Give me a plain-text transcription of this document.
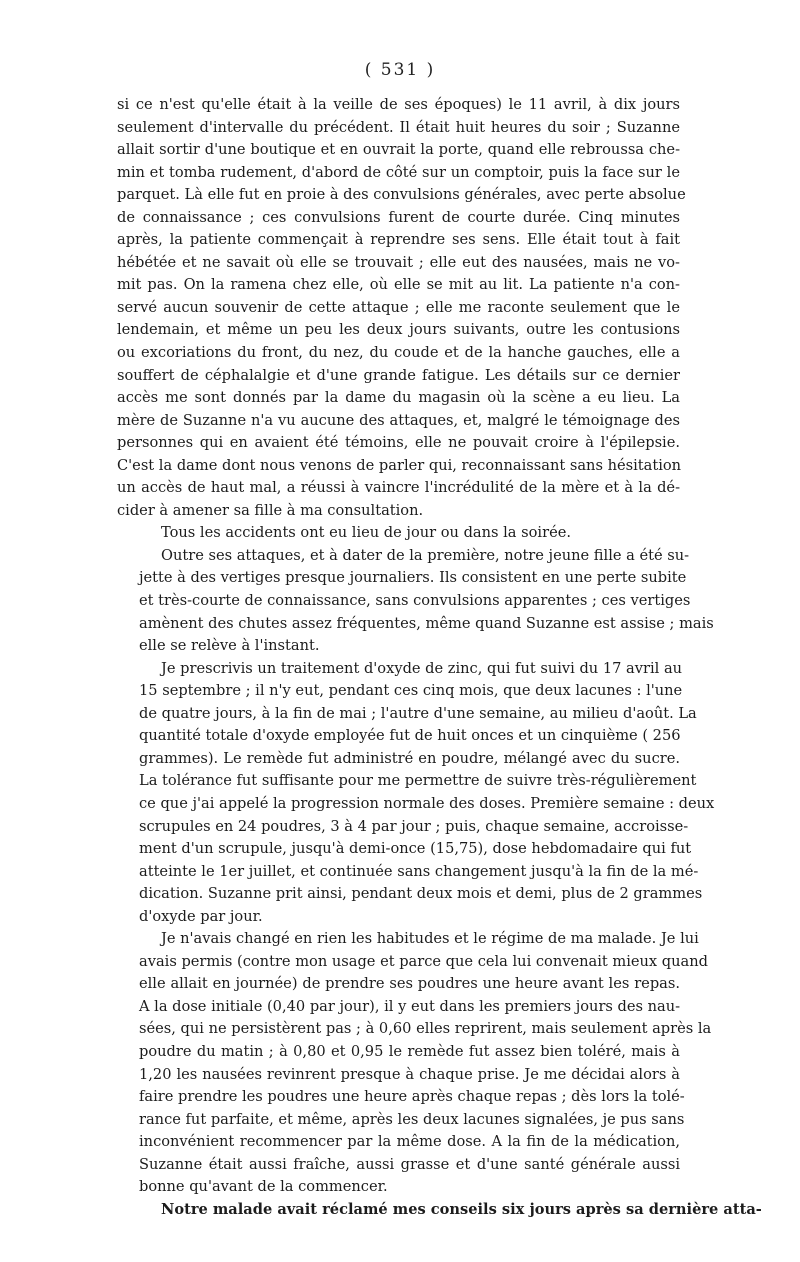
( 531 )
si ce n'est qu'elle était à la veille de ses époques) le 11 avril, à dix jours
seulement d'intervalle du précédent. Il était huit heures du soir ; Suzanne
allait sortir d'une boutique et en ouvrait la porte, quand elle rebroussa che-
min et tomba rudement, d'abord de côté sur un comptoir, puis la face sur le
parquet. Là elle fut en proie à des convulsions générales, avec perte absolue
de connaissance ; ces convulsions furent de courte durée. Cinq minutes
après, la patiente commençait à reprendre ses sens. Elle était tout à fait
hébétée et ne savait où elle se trouvait ; elle eut des nausées, mais ne vo-
mit pas. On la ramena chez elle, où elle se mit au lit. La patiente n'a con-
servé aucun souvenir de cette attaque ; elle me raconte seulement que le
lendemain, et même un peu les deux jours suivants, outre les contusions
ou excoriations du front, du nez, du coude et de la hanche gauches, elle a
souffert de céphalalgie et d'une grande fatigue. Les détails sur ce dernier
accès me sont donnés par la dame du magasin où la scène a eu lieu. La
mère de Suzanne n'a vu aucune des attaques, et, malgré le témoignage des
personnes qui en avaient été témoins, elle ne pouvait croire à l'épilepsie.
C'est la dame dont nous venons de parler qui, reconnaissant sans hésitation
un accès de haut mal, a réussi à vaincre l'incrédulité de la mère et à la dé-
cider à amener sa fille à ma consultation.
Tous les accidents ont eu lieu de jour ou dans la soirée.
Outre ses attaques, et à dater de la première, notre jeune fille a été su-
jette à des vertiges presque journaliers. Ils consistent en une perte subite
et très-courte de connaissance, sans convulsions apparentes ; ces vertiges
amènent des chutes assez fréquentes, même quand Suzanne est assise ; mais
elle se relève à l'instant.
Je prescrivis un traitement d'oxyde de zinc, qui fut suivi du 17 avril au
15 septembre ; il n'y eut, pendant ces cinq mois, que deux lacunes : l'une
de quatre jours, à la fin de mai ; l'autre d'une semaine, au milieu d'août. La
quantité totale d'oxyde employée fut de huit onces et un cinquième ( 256
grammes). Le remède fut administré en poudre, mélangé avec du sucre.
La tolérance fut suffisante pour me permettre de suivre très-régulièrement
ce que j'ai appelé la progression normale des doses. Première semaine : deux
scrupules en 24 poudres, 3 à 4 par jour ; puis, chaque semaine, accroisse-
ment d'un scrupule, jusqu'à demi-once (15,75), dose hebdomadaire qui fut
atteinte le 1er juillet, et continuée sans changement jusqu'à la fin de la mé-
dication. Suzanne prit ainsi, pendant deux mois et demi, plus de 2 grammes
d'oxyde par jour.
Je n'avais changé en rien les habitudes et le régime de ma malade. Je lui
avais permis (contre mon usage et parce que cela lui convenait mieux quand
elle allait en journée) de prendre ses poudres une heure avant les repas.
A la dose initiale (0,40 par jour), il y eut dans les premiers jours des nau-
sées, qui ne persistèrent pas ; à 0,60 elles reprirent, mais seulement après la
poudre du matin ; à 0,80 et 0,95 le remède fut assez bien toléré, mais à
1,20 les nausées revinrent presque à chaque prise. Je me décidai alors à
faire prendre les poudres une heure après chaque repas ; dès lors la tolé-
rance fut parfaite, et même, après les deux lacunes signalées, je pus sans
inconvénient recommencer par la même dose. A la fin de la médication,
Suzanne était aussi fraîche, aussi grasse et d'une santé générale aussi
bonne qu'avant de la commencer.
Notre malade avait réclamé mes conseils six jours après sa dernière atta-
